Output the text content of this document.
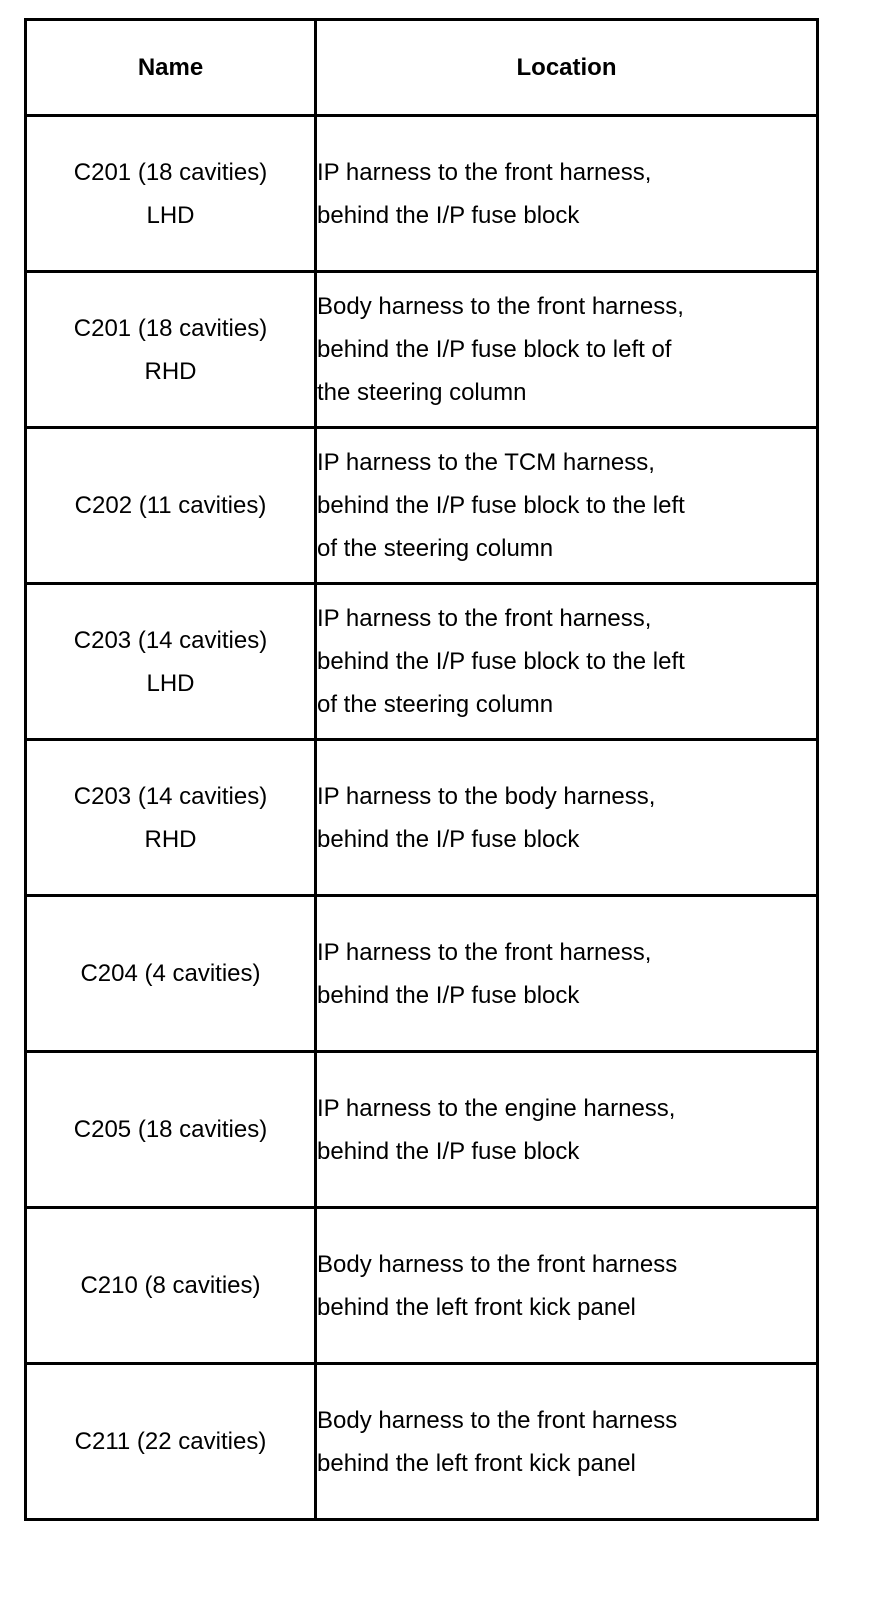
Name	Location

C201 (18 cavities)
LHD	IP harness to the front harness,
behind the I/P fuse block

C201 (18 cavities)
RHD	Body harness to the front harness,
behind the I/P fuse block to left of
the steering column

C202 (11 cavities)	IP harness to the TCM harness,
behind the I/P fuse block to the left
of the steering column

C203 (14 cavities)
LHD	IP harness to the front harness,
behind the I/P fuse block to the left
of the steering column

C203 (14 cavities)
RHD	IP harness to the body harness,
behind the I/P fuse block

C204 (4 cavities)	IP harness to the front harness,
behind the I/P fuse block

C205 (18 cavities)	IP harness to the engine harness,
behind the I/P fuse block

C210 (8 cavities)	Body harness to the front harness
behind the left front kick panel

C211 (22 cavities)	Body harness to the front harness
behind the left front kick panel
